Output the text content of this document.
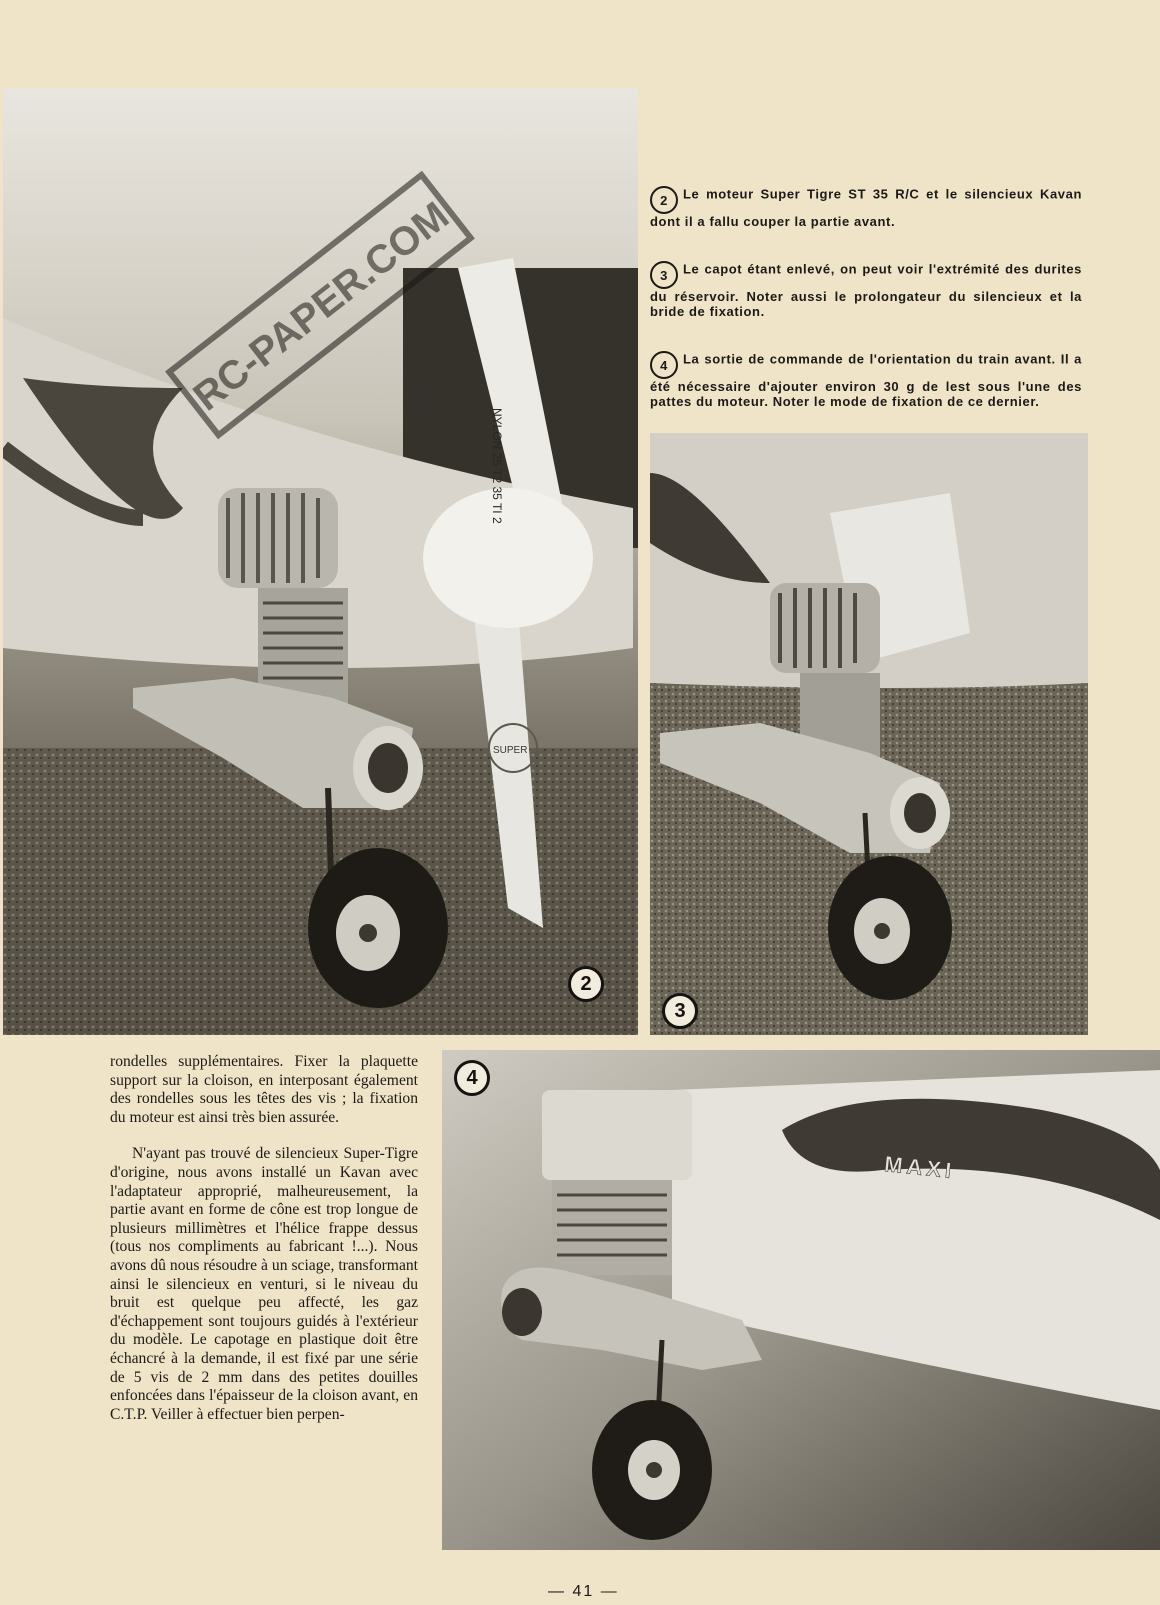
NYLON 25 T2 35 TI 2
SUPER
2
RC-PAPER.COM	2 Le moteur Super Tigre ST 35 R/C et le silencieux Kavan dont il a fallu couper la partie avant.
3 Le capot étant enlevé, on peut voir l'extrémité des durites du réservoir. Noter aussi le prolongateur du silencieux et la bride de fixation.
4 La sortie de commande de l'orientation du train avant. Il a été nécessaire d'ajouter environ 30 g de lest sous l'une des pattes du moteur. Noter le mode de fixation de ce dernier.
3
MAXI
4

rondelles supplémentaires. Fixer la plaquette support sur la cloison, en interposant également des rondelles sous les têtes des vis ; la fixation du moteur est ainsi très bien assurée.

N'ayant pas trouvé de silencieux Super-Tigre d'origine, nous avons installé un Kavan avec l'adaptateur approprié, malheureusement, la partie avant en forme de cône est trop longue de plusieurs millimètres et l'hélice frappe dessus (tous nos compliments au fabricant !...). Nous avons dû nous résoudre à un sciage, transformant ainsi le silencieux en venturi, si le niveau du bruit est quelque peu affecté, les gaz d'échappement sont toujours guidés à l'extérieur du modèle. Le capotage en plastique doit être échancré à la demande, il est fixé par une série de 5 vis de 2 mm dans des petites douilles enfoncées dans l'épaisseur de la cloison avant, en C.T.P. Veiller à effectuer bien perpen-

— 41 —
